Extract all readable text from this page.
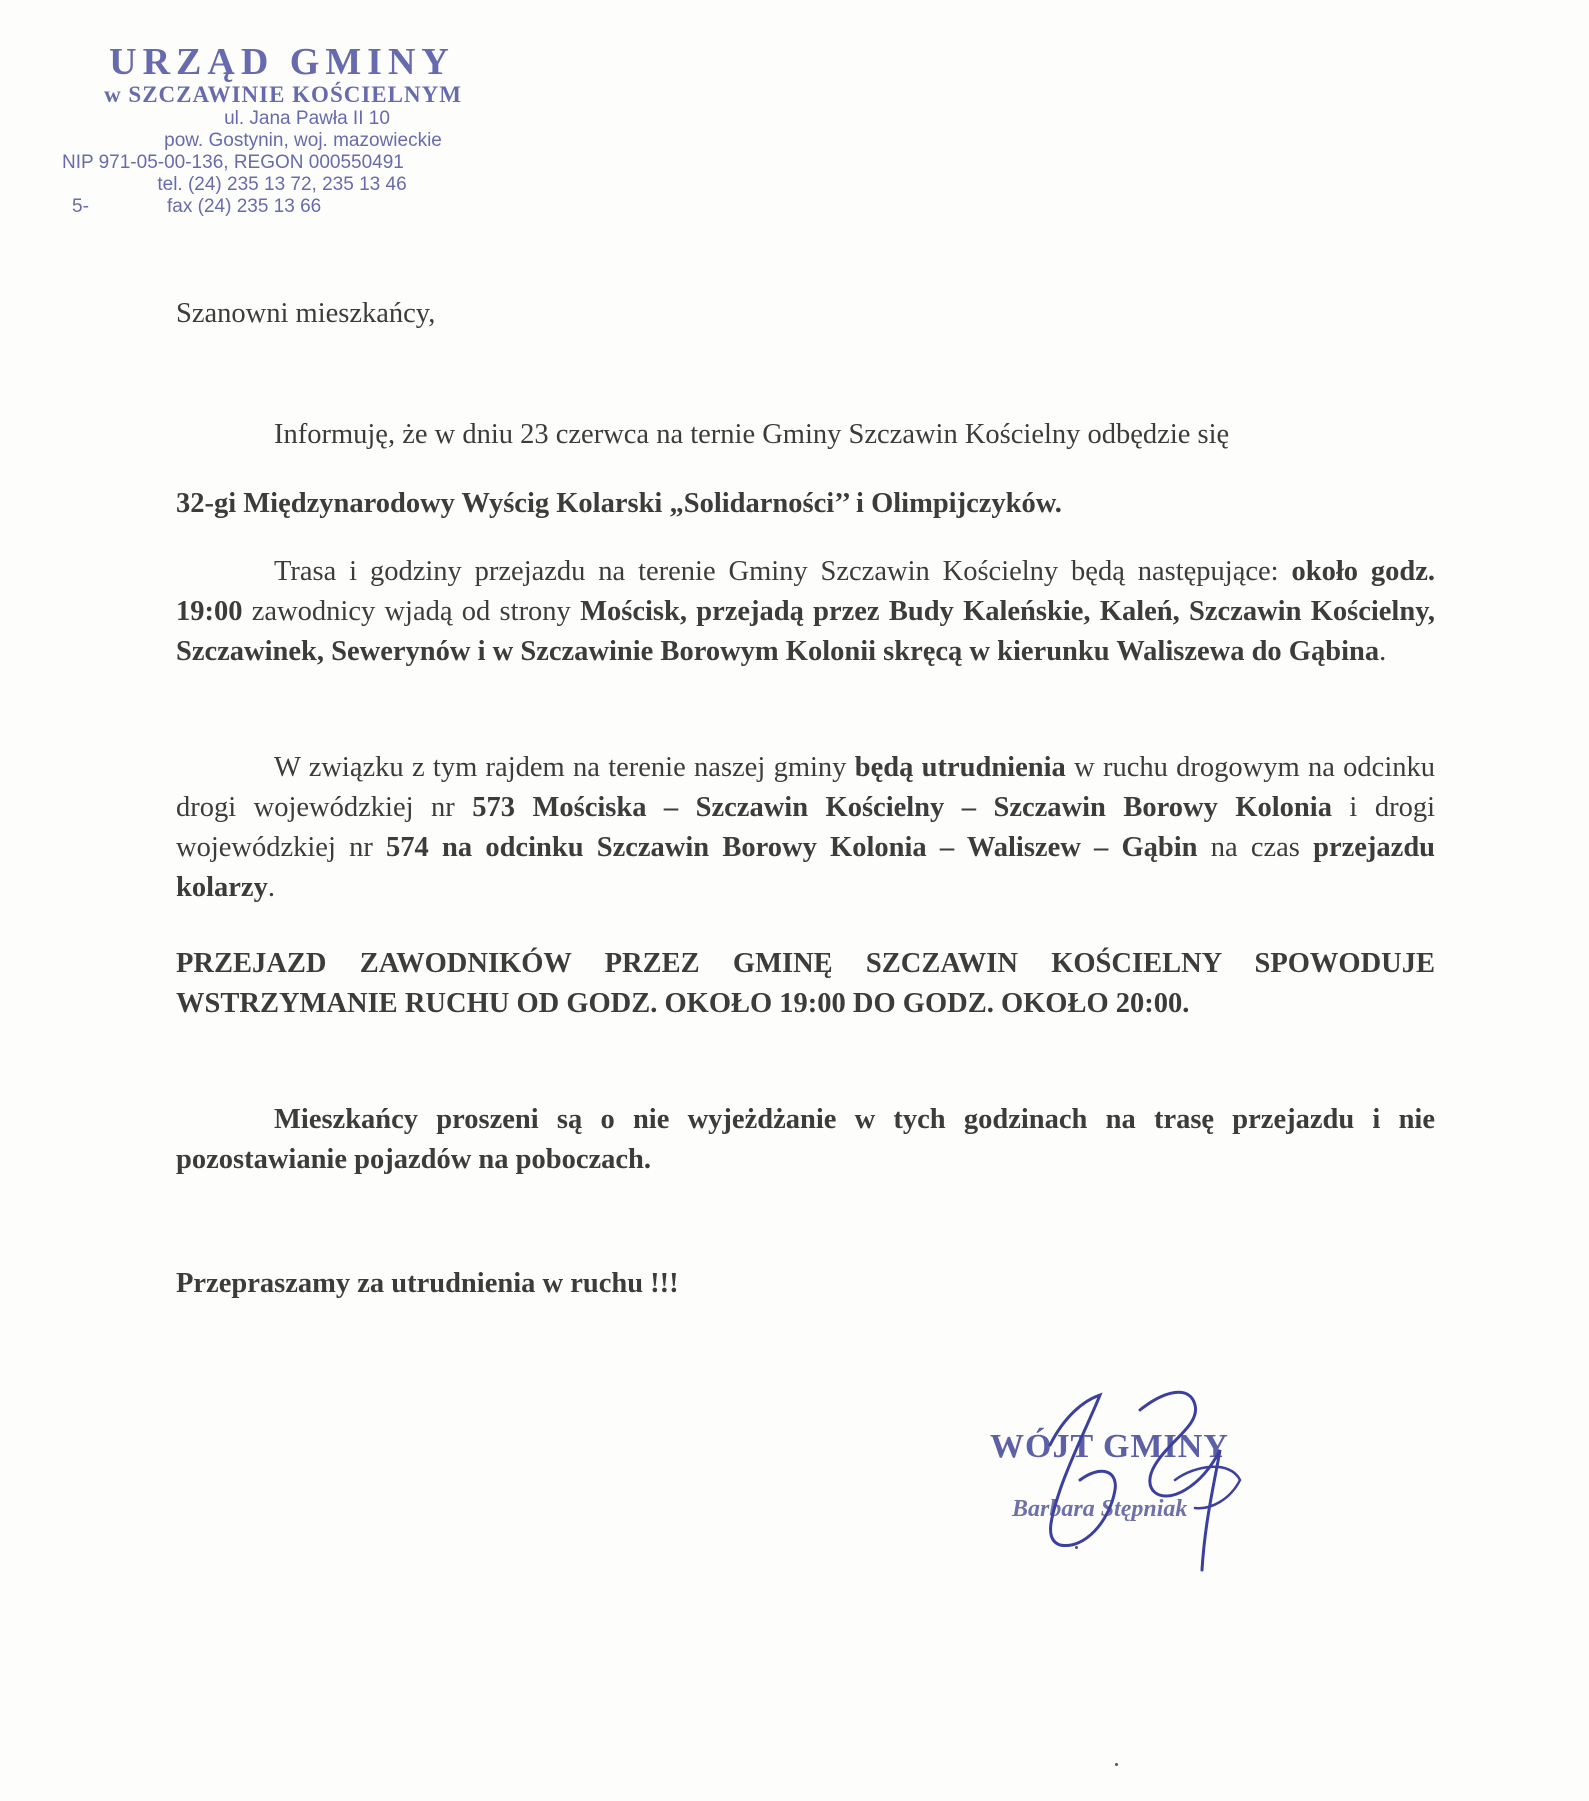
URZĄD GMINY
w SZCZAWINIE KOŚCIELNYM
ul. Jana Pawła II 10
pow. Gostynin, woj. mazowieckie
NIP 971-05-00-136, REGON 000550491
tel. (24) 235 13 72, 235 13 46
5-	fax (24) 235 13 66
Szanowni mieszkańcy,
Informuję, że w dniu 23 czerwca na ternie Gminy Szczawin Kościelny odbędzie się
32-gi Międzynarodowy Wyścig Kolarski „Solidarności’’ i Olimpijczyków.
Trasa i godziny przejazdu na terenie Gminy Szczawin Kościelny będą następujące: około godz. 19:00 zawodnicy wjadą od strony Mościsk, przejadą przez Budy Kaleńskie, Kaleń, Szczawin Kościelny, Szczawinek, Sewerynów i w Szczawinie Borowym Kolonii skręcą w kierunku Waliszewa do Gąbina.
W związku z tym rajdem na terenie naszej gminy będą utrudnienia w ruchu drogowym na odcinku drogi wojewódzkiej nr 573 Mościska – Szczawin Kościelny – Szczawin Borowy Kolonia i drogi wojewódzkiej nr 574 na odcinku Szczawin Borowy Kolonia – Waliszew – Gąbin na czas przejazdu kolarzy.
PRZEJAZD ZAWODNIKÓW PRZEZ GMINĘ SZCZAWIN KOŚCIELNY SPOWODUJE WSTRZYMANIE RUCHU OD GODZ. OKOŁO 19:00 DO GODZ. OKOŁO 20:00.
Mieszkańcy proszeni są o nie wyjeżdżanie w tych godzinach na trasę przejazdu i nie pozostawianie pojazdów na poboczach.
Przepraszamy za utrudnienia w ruchu !!!
WÓJT GMINY
Barbara Stępniak
